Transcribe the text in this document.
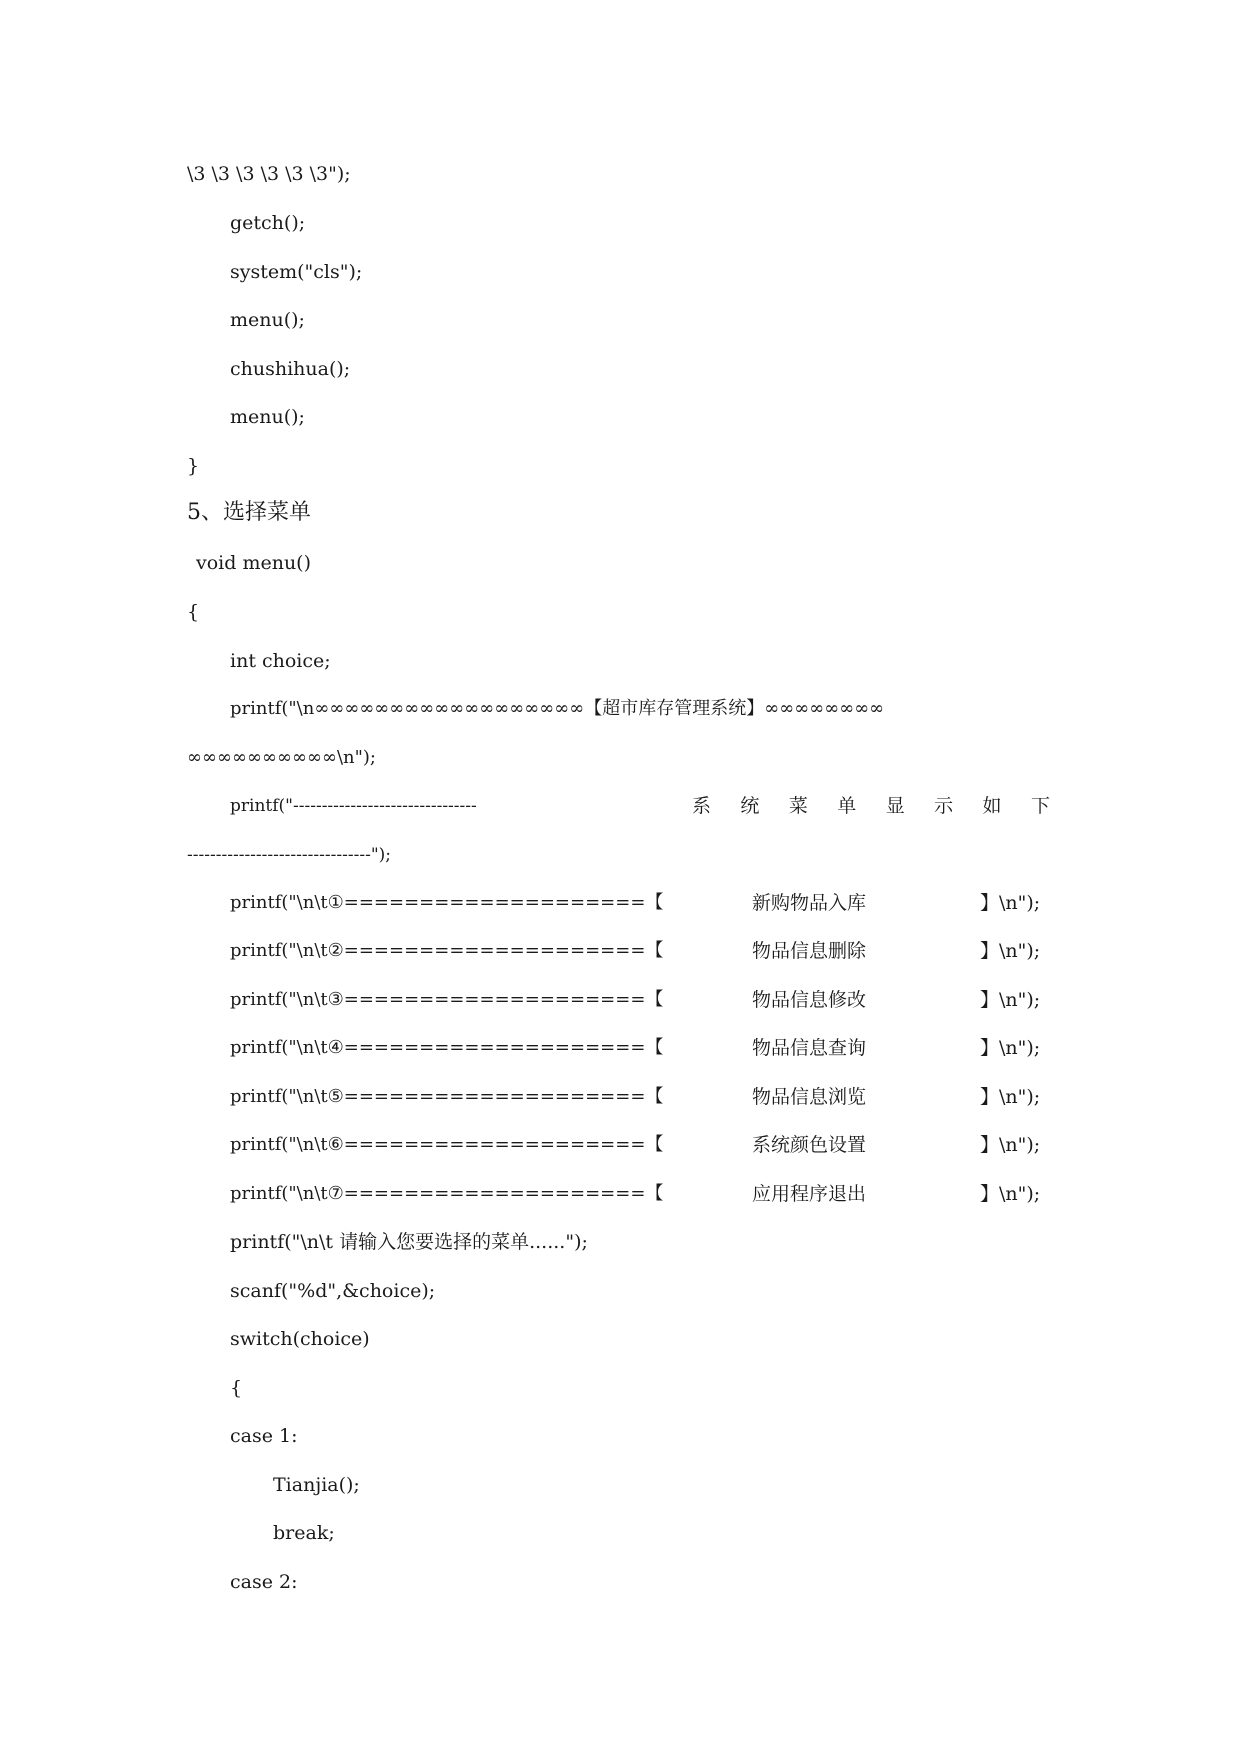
\3 \3 \3 \3 \3 \3");
getch();
system("cls");
menu();
chushihua();
menu();
}
5、选择菜单
void menu()
{
int choice;
printf("\n∞∞∞∞∞∞∞∞∞∞∞∞∞∞∞∞∞∞【超市库存管理系统】∞∞∞∞∞∞∞∞
∞∞∞∞∞∞∞∞∞∞\n");

printf("--------------------------------

	系 统 菜 单 显 示 如 下

--------------------------------");
printf("\n\t①====================【	新购物品入库	】\n");
printf("\n\t②====================【	物品信息删除	】\n");
printf("\n\t③====================【	物品信息修改	】\n");
printf("\n\t④====================【	物品信息查询	】\n");
printf("\n\t⑤====================【	物品信息浏览	】\n");
printf("\n\t⑥====================【	系统颜色设置	】\n");
printf("\n\t⑦====================【	应用程序退出	】\n");
printf("\n\t 请输入您要选择的菜单......");
scanf("%d",&choice);
switch(choice)
{
case 1:
Tianjia();
break;
case 2:
